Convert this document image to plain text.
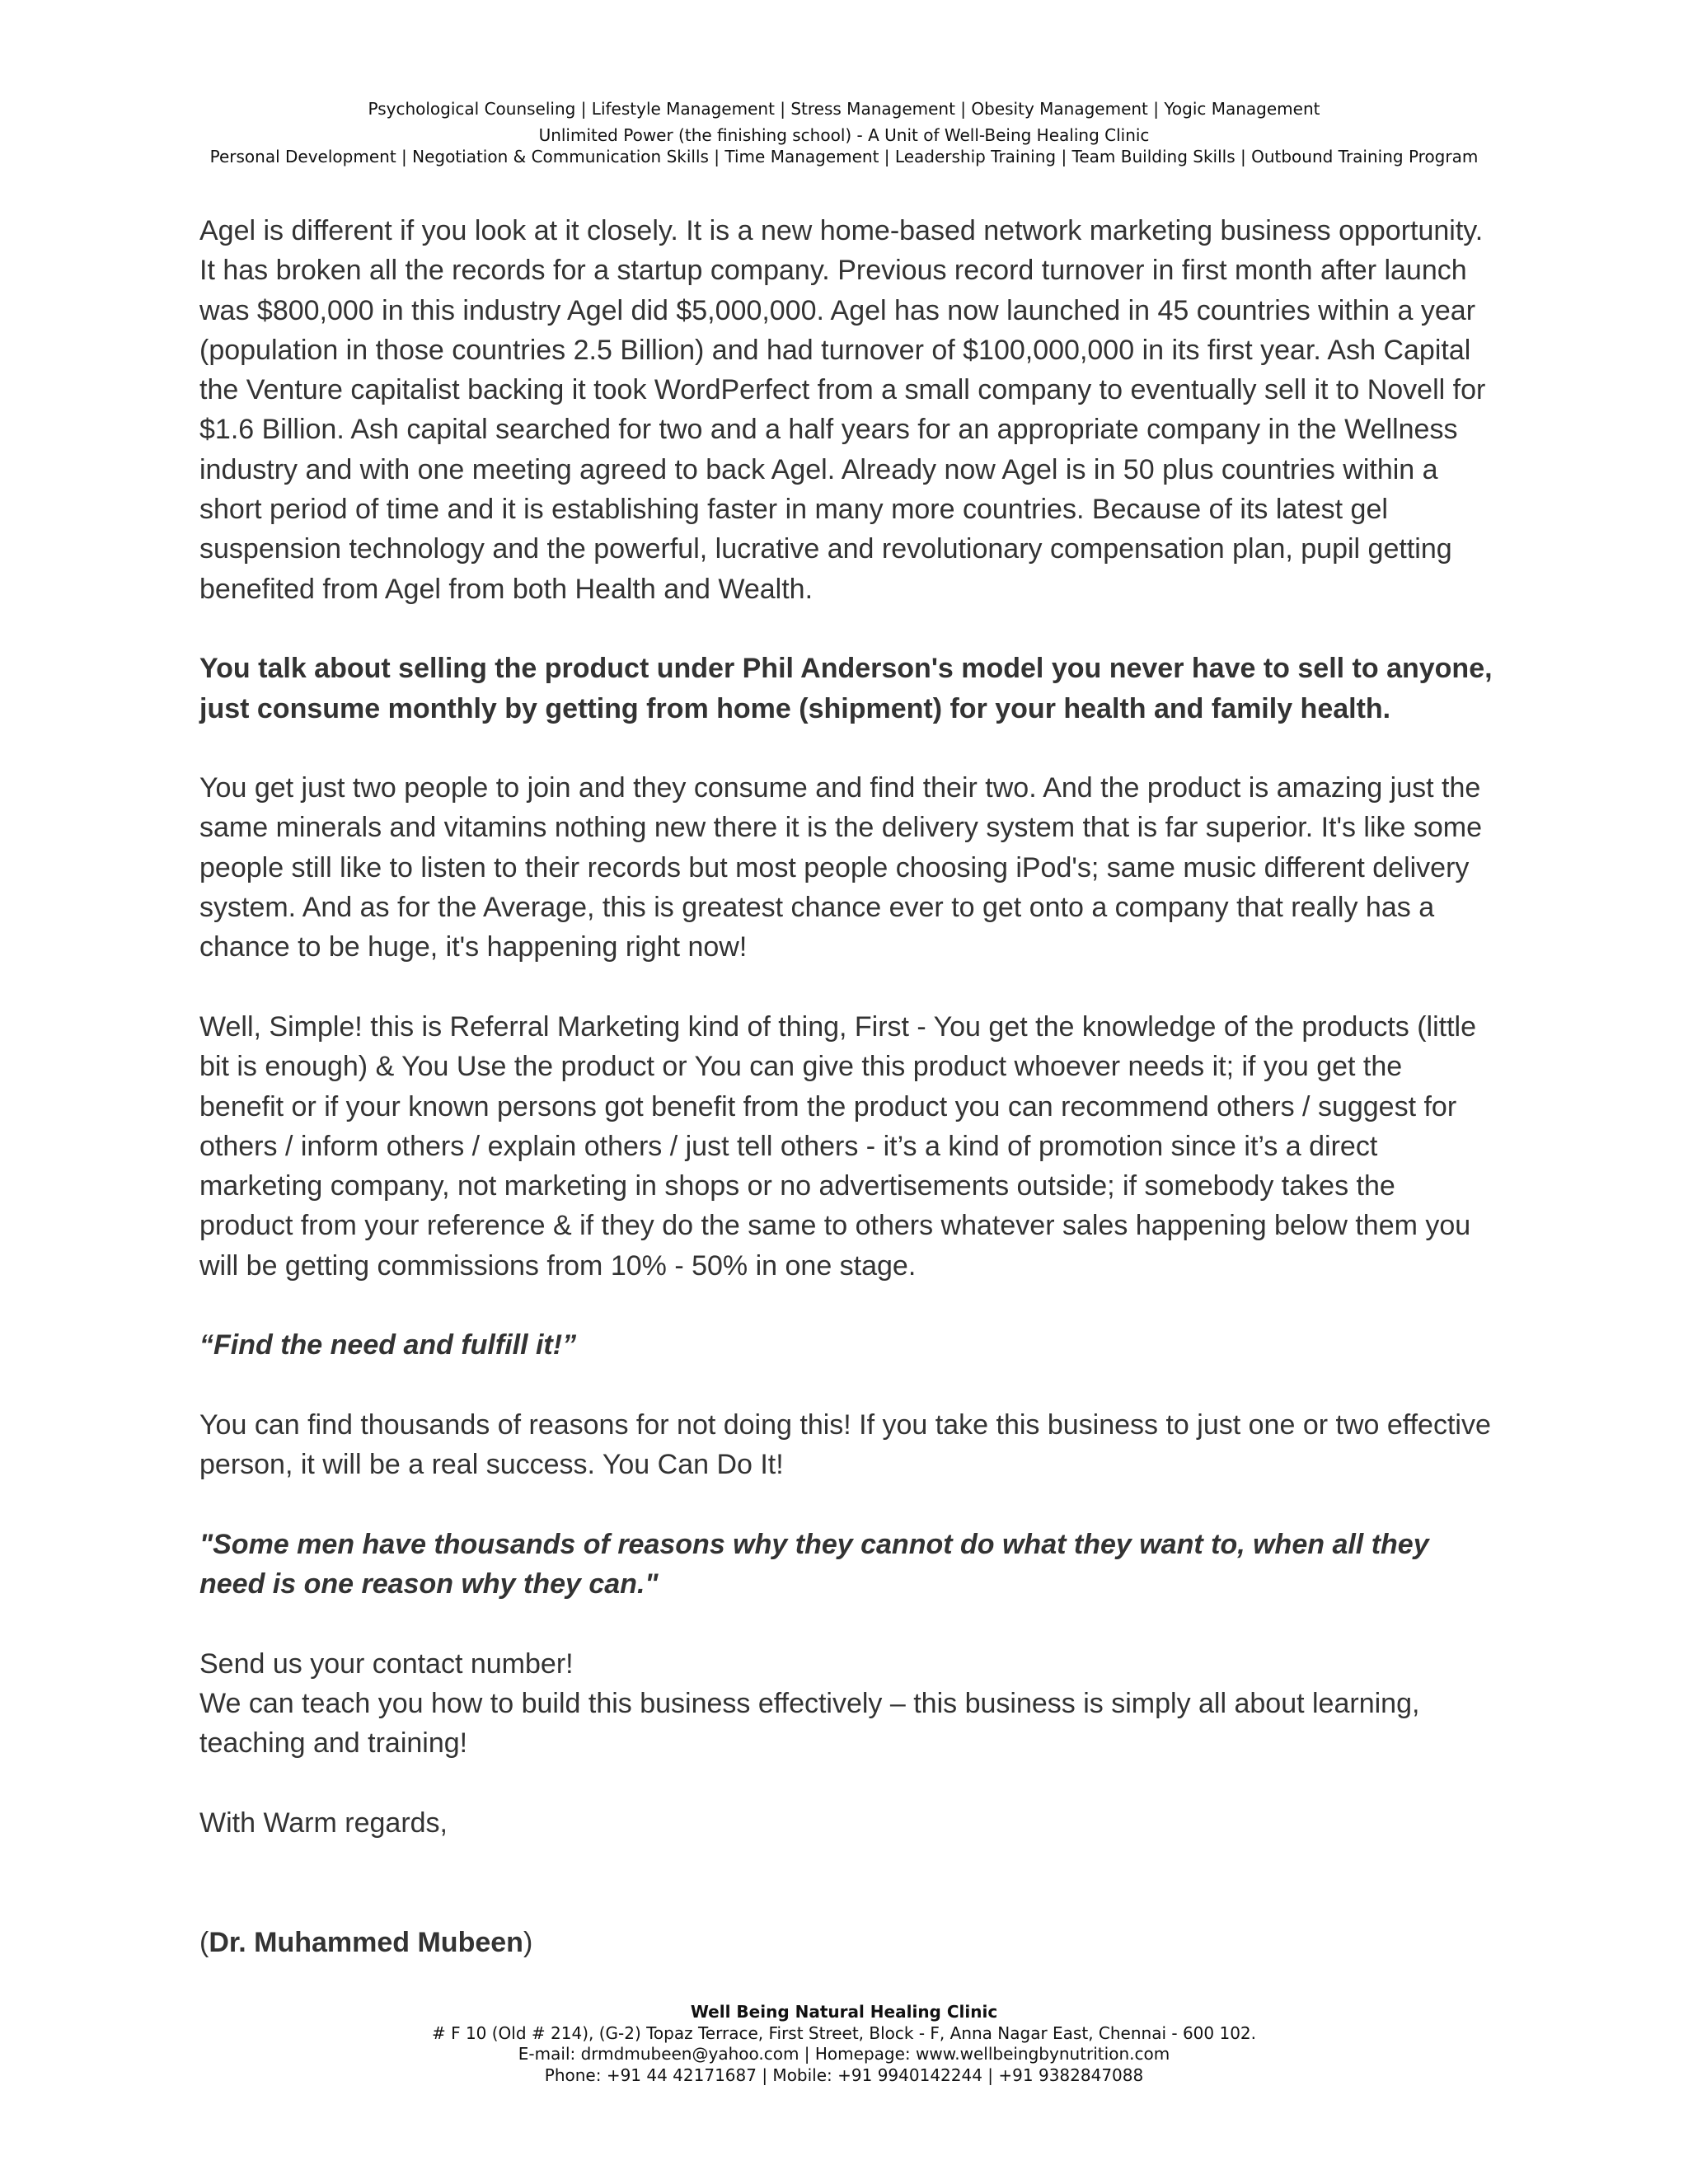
Psychological Counseling | Lifestyle Management | Stress Management | Obesity Management | Yogic Management
Unlimited Power (the finishing school) - A Unit of Well-Being Healing Clinic
Personal Development | Negotiation & Communication Skills | Time Management | Leadership Training | Team Building Skills | Outbound Training Program

Agel is different if you look at it closely. It is a new home-based network marketing business opportunity. It has broken all the records for a startup company. Previous record turnover in first month after launch was $800,000 in this industry Agel did $5,000,000. Agel has now launched in 45 countries within a year (population in those countries 2.5 Billion) and had turnover of $100,000,000 in its first year. Ash Capital the Venture capitalist backing it took WordPerfect from a small company to eventually sell it to Novell for $1.6 Billion. Ash capital searched for two and a half years for an appropriate company in the Wellness industry and with one meeting agreed to back Agel. Already now Agel is in 50 plus countries within a short period of time and it is establishing faster in many more countries. Because of its latest gel suspension technology and the powerful, lucrative and revolutionary compensation plan, pupil getting benefited from Agel from both Health and Wealth.

You talk about selling the product under Phil Anderson's model you never have to sell to anyone, just consume monthly by getting from home (shipment) for your health and family health.

You get just two people to join and they consume and find their two. And the product is amazing just the same minerals and vitamins nothing new there it is the delivery system that is far superior. It's like some people still like to listen to their records but most people choosing iPod's; same music different delivery system. And as for the Average, this is greatest chance ever to get onto a company that really has a chance to be huge, it's happening right now!

Well, Simple! this is Referral Marketing kind of thing, First - You get the knowledge of the products (little bit is enough) & You Use the product or You can give this product whoever needs it; if you get the benefit or if your known persons got benefit from the product you can recommend others / suggest for others / inform others / explain others / just tell others - it’s a kind of promotion since it’s a direct marketing company, not marketing in shops or no advertisements outside; if somebody takes the product from your reference & if they do the same to others whatever sales happening below them you will be getting commissions from 10% - 50% in one stage.

“Find the need and fulfill it!”

You can find thousands of reasons for not doing this! If you take this business to just one or two effective person, it will be a real success. You Can Do It!

"Some men have thousands of reasons why they cannot do what they want to, when all they need is one reason why they can."

Send us your contact number!

We can teach you how to build this business effectively – this business is simply all about learning, teaching and training!

With Warm regards,

(Dr. Muhammed Mubeen)

Well Being Natural Healing Clinic
# F 10 (Old # 214), (G-2) Topaz Terrace, First Street, Block - F, Anna Nagar East, Chennai - 600 102.
E-mail: drmdmubeen@yahoo.com | Homepage: www.wellbeingbynutrition.com
Phone: +91 44 42171687 | Mobile: +91 9940142244 | +91 9382847088
